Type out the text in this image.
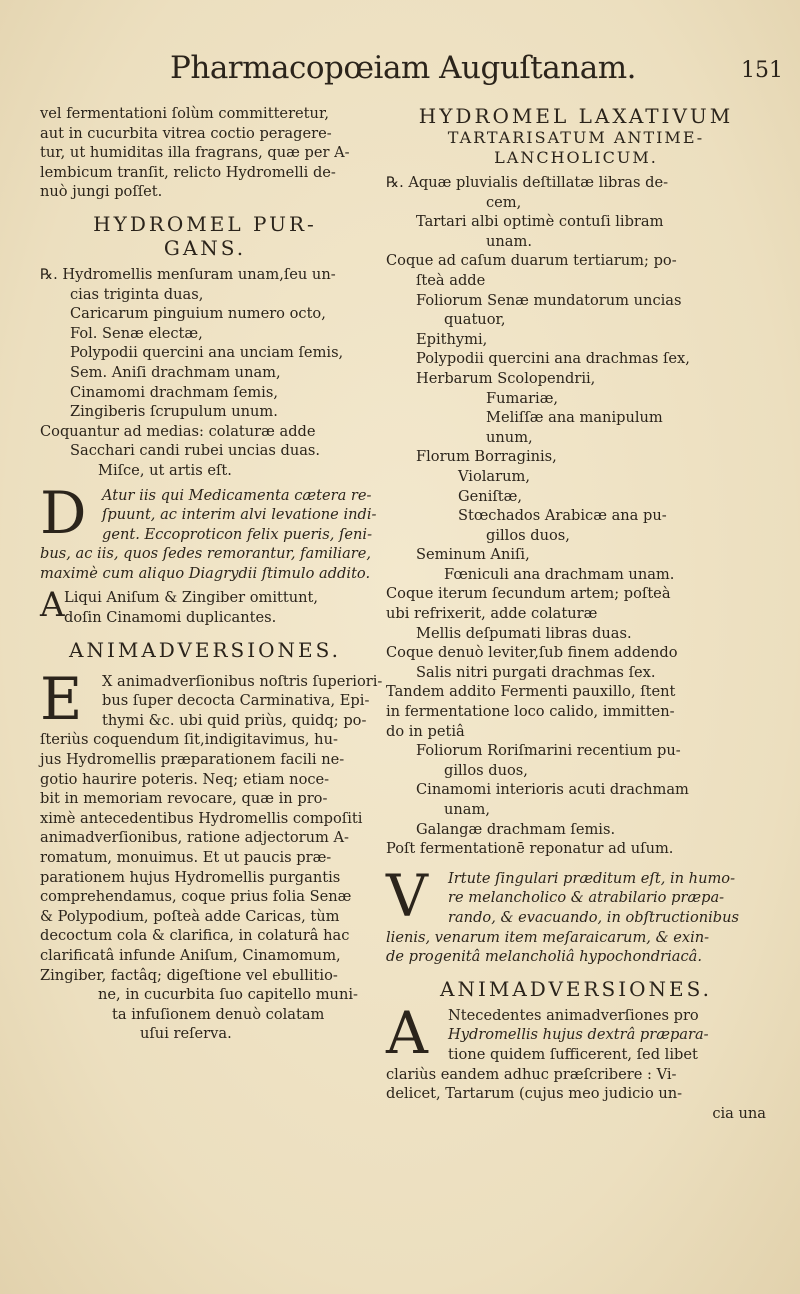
Pharmacopœiam Auguſtanam.	151
vel fermentationi ſolùm committeretur,
aut in cucurbita vitrea coctio peragere-
tur, ut humiditas illa fragrans, quæ per A-
lembicum tranſit, relicto Hydromelli de-
nuò jungi poſſet.
HYDROMEL PUR-
GANS.
℞. Hydromellis menſuram unam,ſeu un-
cias triginta duas,
Caricarum pinguium numero octo,
Fol. Senæ electæ,
Polypodii quercini ana unciam ſemis,
Sem. Aniſi drachmam unam,
Cinamomi drachmam ſemis,
Zingiberis ſcrupulum unum.
Coquantur ad medias: colaturæ adde
Sacchari candi rubei uncias duas.
Miſce, ut artis eſt.
D	Atur iis qui Medicamenta cætera re-
ſpuunt, ac interim alvi levatione indi-
gent. Eccoproticon felix pueris, ſeni-
bus, ac iis, quos ſedes remorantur, familiare,
maximè cum aliquo Diagrydii ſtimulo addito.
A Liqui Aniſum & Zingiber omittunt,
doſin Cinamomi duplicantes.
ANIMADVERSIONES.
E	X animadverſionibus noſtris ſuperiori-
bus ſuper decocta Carminativa, Epi-
thymi &c. ubi quid priùs, quidq; po-
ſteriùs coquendum ſit,indigitavimus, hu-
jus Hydromellis præparationem facili ne-
gotio haurire poteris. Neq; etiam noce-
bit in memoriam revocare, quæ in pro-
ximè antecedentibus Hydromellis compoſiti
animadverſionibus, ratione adjectorum A-
romatum, monuimus. Et ut paucis præ-
parationem hujus Hydromellis purgantis
comprehendamus, coque prius folia Senæ
& Polypodium, poſteà adde Caricas, tùm
decoctum cola & clarifica, in colaturâ hac
clarificatâ infunde Aniſum, Cinamomum,
Zingiber, factâq; digeſtione vel ebullitio-
ne, in cucurbita ſuo capitello muni-
ta infuſionem denuò colatam
uſui reſerva.
HYDROMEL LAXATIVUM
TARTARISATUM ANTIME-
LANCHOLICUM.
℞. Aquæ pluvialis deſtillatæ libras de-
cem,
Tartari albi optimè contuſi libram
unam.
Coque ad caſum duarum tertiarum; po-
ſteà adde
Foliorum Senæ mundatorum uncias
quatuor,
Epithymi,
Polypodii quercini ana drachmas ſex,
Herbarum Scolopendrii,
Fumariæ,
Meliſſæ ana manipulum
unum,
Florum Borraginis,
Violarum,
Geniſtæ,
Stœchados Arabicæ ana pu-
gillos duos,
Seminum Aniſi,
Fœniculi ana drachmam unam.
Coque iterum ſecundum artem; poſteà
ubi refrixerit, adde colaturæ
Mellis deſpumati libras duas.
Coque denuò leviter,ſub finem addendo
Salis nitri purgati drachmas ſex.
Tandem addito Fermenti pauxillo, ſtent
in fermentatione loco calido, immitten-
do in petiâ
Foliorum Roriſmarini recentium pu-
gillos duos,
Cinamomi interioris acuti drachmam
unam,
Galangæ drachmam ſemis.
Poſt fermentationē reponatur ad uſum.
V	Irtute ſingulari præditum eſt, in humo-
re melancholico & atrabilario præpa-
rando, & evacuando, in obſtructionibus
lienis, venarum item meſaraicarum, & exin-
de progenitâ melancholiâ hypochondriacâ.
ANIMADVERSIONES.
A	Ntecedentes animadverſiones pro
Hydromellis hujus dextrâ præpara-
tione quidem ſufficerent, ſed libet
clariùs eandem adhuc præſcribere : Vi-
delicet, Tartarum (cujus meo judicio un-
cia una
